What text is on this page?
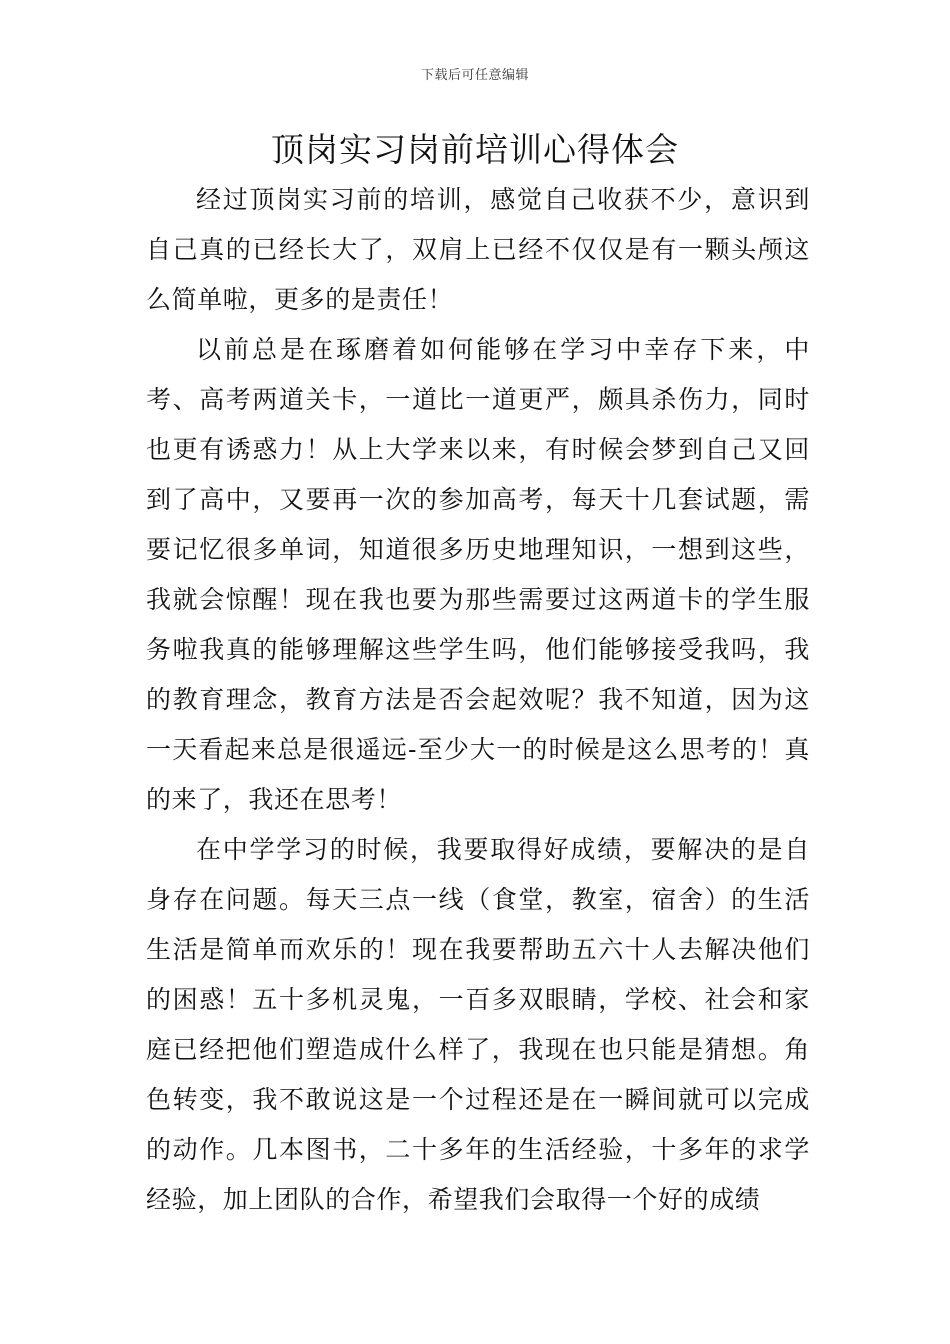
下载后可任意编辑
顶岗实习岗前培训心得体会

经过顶岗实习前的培训，感觉自己收获不少，意识到自己真的已经长大了，双肩上已经不仅仅是有一颗头颅这么简单啦，更多的是责任！

以前总是在琢磨着如何能够在学习中幸存下来，中考、高考两道关卡，一道比一道更严，颇具杀伤力，同时也更有诱惑力！从上大学来以来，有时候会梦到自己又回到了高中，又要再一次的参加高考，每天十几套试题，需要记忆很多单词，知道很多历史地理知识，一想到这些，我就会惊醒！现在我也要为那些需要过这两道卡的学生服务啦我真的能够理解这些学生吗，他们能够接受我吗，我的教育理念，教育方法是否会起效呢？我不知道，因为这一天看起来总是很遥远-至少大一的时候是这么思考的！真的来了，我还在思考！

在中学学习的时候，我要取得好成绩，要解决的是自身存在问题。每天三点一线（食堂，教室，宿舍）的生活生活是简单而欢乐的！现在我要帮助五六十人去解决他们的困惑！五十多机灵鬼，一百多双眼睛，学校、社会和家庭已经把他们塑造成什么样了，我现在也只能是猜想。角色转变，我不敢说这是一个过程还是在一瞬间就可以完成的动作。几本图书，二十多年的生活经验，十多年的求学经验，加上团队的合作，希望我们会取得一个好的成绩
